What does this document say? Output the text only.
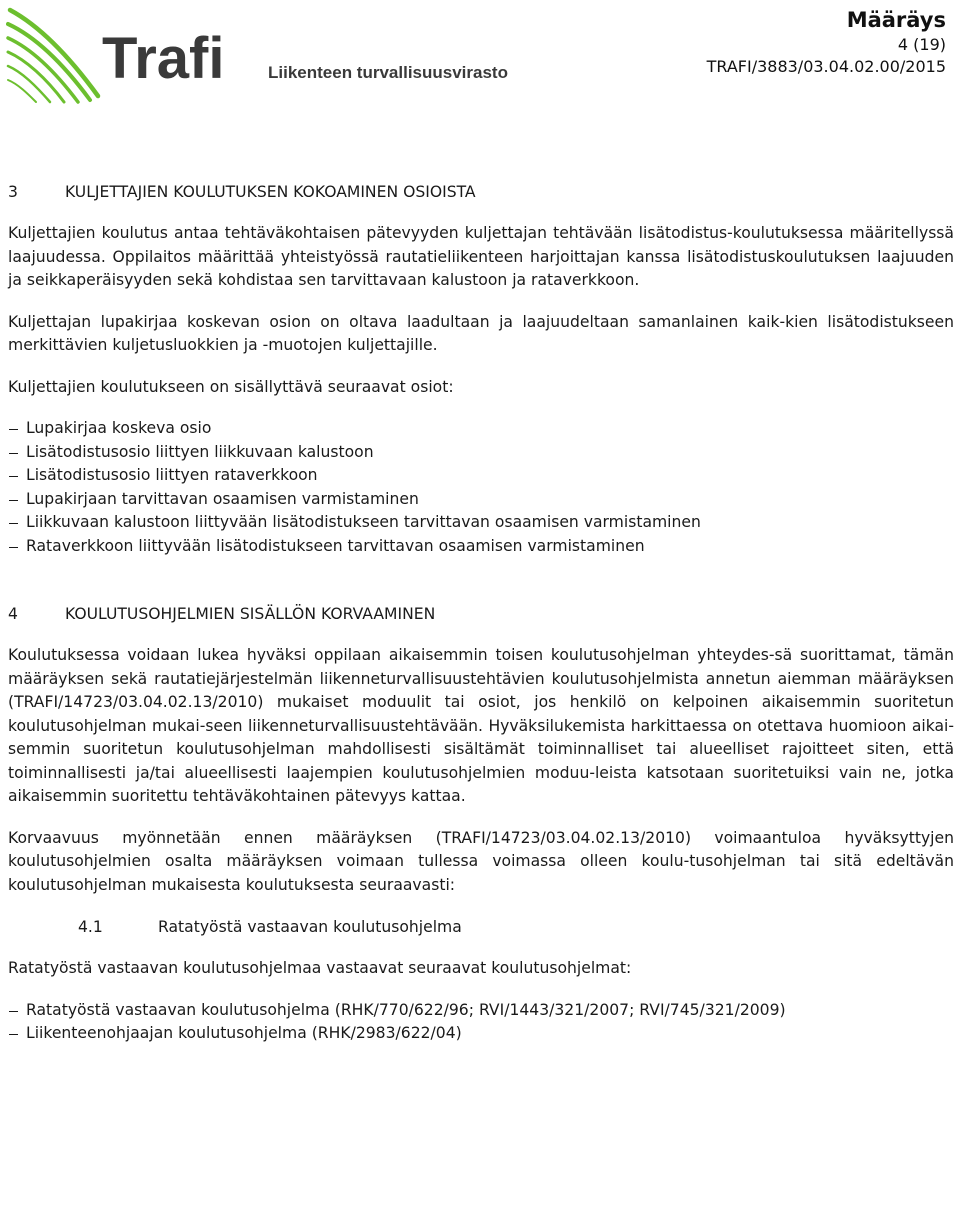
Trafi	Liikenteen turvallisuusvirasto
Määräys
4 (19)
TRAFI/3883/03.04.02.00/2015
3	KULJETTAJIEN KOULUTUKSEN KOKOAMINEN OSIOISTA

Kuljettajien koulutus antaa tehtäväkohtaisen pätevyyden kuljettajan tehtävään lisätodistus-koulutuksessa määritellyssä laajuudessa. Oppilaitos määrittää yhteistyössä rautatieliikenteen harjoittajan kanssa lisätodistuskoulutuksen laajuuden ja seikkaperäisyyden sekä kohdistaa sen tarvittavaan kalustoon ja rataverkkoon.

Kuljettajan lupakirjaa koskevan osion on oltava laadultaan ja laajuudeltaan samanlainen kaik-kien lisätodistukseen merkittävien kuljetusluokkien ja -muotojen kuljettajille.

Kuljettajien koulutukseen on sisällyttävä seuraavat osiot:

Lupakirjaa koskeva osio
Lisätodistusosio liittyen liikkuvaan kalustoon
Lisätodistusosio liittyen rataverkkoon
Lupakirjaan tarvittavan osaamisen varmistaminen
Liikkuvaan kalustoon liittyvään lisätodistukseen tarvittavan osaamisen varmistaminen
Rataverkkoon liittyvään lisätodistukseen tarvittavan osaamisen varmistaminen
4	KOULUTUSOHJELMIEN SISÄLLÖN KORVAAMINEN

Koulutuksessa voidaan lukea hyväksi oppilaan aikaisemmin toisen koulutusohjelman yhteydes-sä suorittamat, tämän määräyksen sekä rautatiejärjestelmän liikenneturvallisuustehtävien koulutusohjelmista annetun aiemman määräyksen (TRAFI/14723/03.04.02.13/2010) mukaiset moduulit tai osiot, jos henkilö on kelpoinen aikaisemmin suoritetun koulutusohjelman mukai-seen liikenneturvallisuustehtävään. Hyväksilukemista harkittaessa on otettava huomioon aikai-semmin suoritetun koulutusohjelman mahdollisesti sisältämät toiminnalliset tai alueelliset rajoitteet siten, että toiminnallisesti ja/tai alueellisesti laajempien koulutusohjelmien moduu-leista katsotaan suoritetuiksi vain ne, jotka aikaisemmin suoritettu tehtäväkohtainen pätevyys kattaa.

Korvaavuus myönnetään ennen määräyksen (TRAFI/14723/03.04.02.13/2010) voimaantuloa hyväksyttyjen koulutusohjelmien osalta määräyksen voimaan tullessa voimassa olleen koulu-tusohjelman tai sitä edeltävän koulutusohjelman mukaisesta koulutuksesta seuraavasti:

4.1	Ratatyöstä vastaavan koulutusohjelma

Ratatyöstä vastaavan koulutusohjelmaa vastaavat seuraavat koulutusohjelmat:

Ratatyöstä vastaavan koulutusohjelma (RHK/770/622/96; RVI/1443/321/2007; RVI/745/321/2009)
Liikenteenohjaajan koulutusohjelma (RHK/2983/622/04)
